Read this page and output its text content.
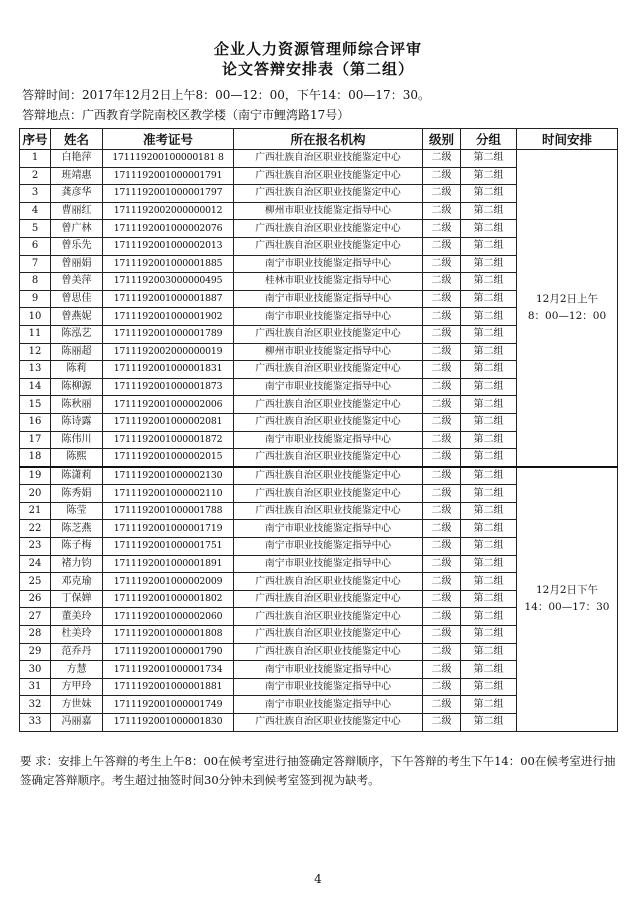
企业人力资源管理师综合评审
论文答辩安排表（第二组）
答辩时间：2017年12月2日上午8：00—12：00，下午14：00—17：30。
答辩地点：广西教育学院南校区教学楼（南宁市鲤湾路17号）
序号	姓名	准考证号	所在报名机构	级别	分组	时间安排
1	白艳萍	171119200100000181 8	广西壮族自治区职业技能鉴定中心	二级	第二组	12月2日上午
8：00—12：00
2	班靖惠	1711192001000001791	广西壮族自治区职业技能鉴定中心	二级	第二组	
3	龚彦华	1711192001000001797	广西壮族自治区职业技能鉴定中心	二级	第二组	
4	曹丽红	1711192002000000012	柳州市职业技能鉴定指导中心	二级	第二组	
5	曾广林	1711192001000002076	广西壮族自治区职业技能鉴定中心	二级	第二组	
6	曾乐先	1711192001000002013	广西壮族自治区职业技能鉴定中心	二级	第二组	
7	曾丽娟	1711192001000001885	南宁市职业技能鉴定指导中心	二级	第二组	
8	曾美萍	1711192003000000495	桂林市职业技能鉴定指导中心	二级	第二组	
9	曾思佳	1711192001000001887	南宁市职业技能鉴定指导中心	二级	第二组	
10	曾燕妮	1711192001000001902	南宁市职业技能鉴定指导中心	二级	第二组	
11	陈泓艺	1711192001000001789	广西壮族自治区职业技能鉴定中心	二级	第二组	
12	陈丽超	1711192002000000019	柳州市职业技能鉴定指导中心	二级	第二组	
13	陈莉	1711192001000001831	广西壮族自治区职业技能鉴定中心	二级	第二组	
14	陈柳源	1711192001000001873	南宁市职业技能鉴定指导中心	二级	第二组	
15	陈秋丽	1711192001000002006	广西壮族自治区职业技能鉴定中心	二级	第二组	
16	陈诗露	1711192001000002081	广西壮族自治区职业技能鉴定中心	二级	第二组	
17	陈伟川	1711192001000001872	南宁市职业技能鉴定指导中心	二级	第二组	
18	陈熙	1711192001000002015	广西壮族自治区职业技能鉴定中心	二级	第二组	
19	陈潇莉	1711192001000002130	广西壮族自治区职业技能鉴定中心	二级	第二组	12月2日下午
14：00—17：30
20	陈秀娟	1711192001000002110	广西壮族自治区职业技能鉴定中心	二级	第二组	
21	陈莹	1711192001000001788	广西壮族自治区职业技能鉴定中心	二级	第二组	
22	陈芝燕	1711192001000001719	南宁市职业技能鉴定指导中心	二级	第二组	
23	陈子梅	1711192001000001751	南宁市职业技能鉴定指导中心	二级	第二组	
24	褚力钧	1711192001000001891	南宁市职业技能鉴定指导中心	二级	第二组	
25	邓克瑜	1711192001000002009	广西壮族自治区职业技能鉴定中心	二级	第二组	
26	丁保婵	1711192001000001802	广西壮族自治区职业技能鉴定中心	二级	第二组	
27	董美玲	1711192001000002060	广西壮族自治区职业技能鉴定中心	二级	第二组	
28	杜美玲	1711192001000001808	广西壮族自治区职业技能鉴定中心	二级	第二组	
29	范乔丹	1711192001000001790	广西壮族自治区职业技能鉴定中心	二级	第二组	
30	方慧	1711192001000001734	南宁市职业技能鉴定指导中心	二级	第二组	
31	方甲玲	1711192001000001881	南宁市职业技能鉴定指导中心	二级	第二组	
32	方世妹	1711192001000001749	南宁市职业技能鉴定指导中心	二级	第二组	
33	冯丽嘉	1711192001000001830	广西壮族自治区职业技能鉴定中心	二级	第二组	
要 求：安排上午答辩的考生上午8：00在候考室进行抽签确定答辩顺序，下午答辩的考生下午14：00在候考室进行抽签确定答辩顺序。考生超过抽签时间30分钟未到候考室签到视为缺考。
4
